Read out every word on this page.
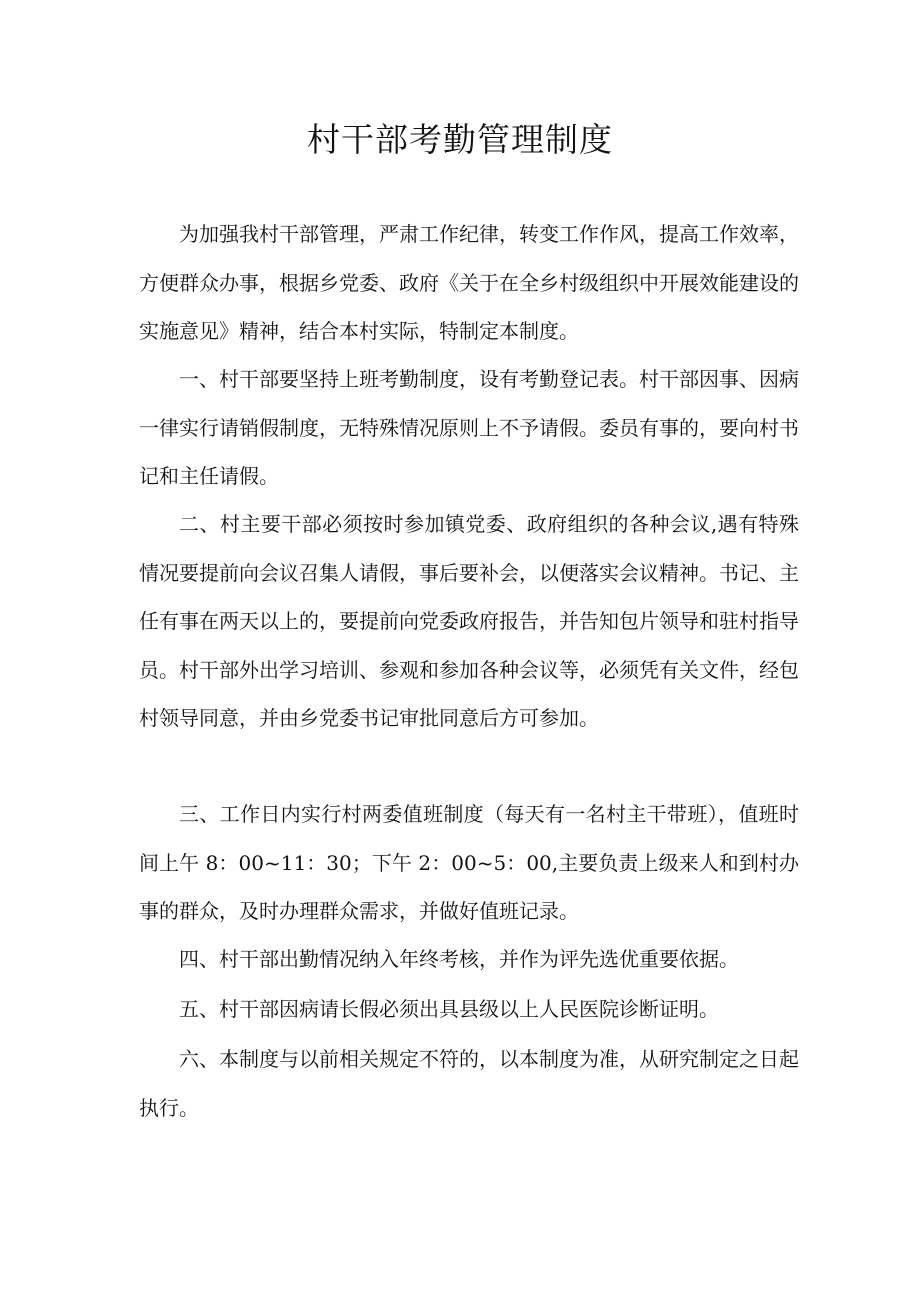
村干部考勤管理制度

为加强我村干部管理，严肃工作纪律，转变工作作风，提高工作效率，方便群众办事，根据乡党委、政府《关于在全乡村级组织中开展效能建设的实施意见》精神，结合本村实际，特制定本制度。

一、村干部要坚持上班考勤制度，设有考勤登记表。村干部因事、因病一律实行请销假制度，无特殊情况原则上不予请假。委员有事的，要向村书记和主任请假。

二、村主要干部必须按时参加镇党委、政府组织的各种会议,遇有特殊情况要提前向会议召集人请假，事后要补会，以便落实会议精神。书记、主任有事在两天以上的，要提前向党委政府报告，并告知包片领导和驻村指导员。村干部外出学习培训、参观和参加各种会议等，必须凭有关文件，经包村领导同意，并由乡党委书记审批同意后方可参加。

三、工作日内实行村两委值班制度（每天有一名村主干带班），值班时间上午 8：00~11：30；下午 2：00~5：00,主要负责上级来人和到村办事的群众，及时办理群众需求，并做好值班记录。

四、村干部出勤情况纳入年终考核，并作为评先选优重要依据。

五、村干部因病请长假必须出具县级以上人民医院诊断证明。

六、本制度与以前相关规定不符的，以本制度为准，从研究制定之日起执行。
